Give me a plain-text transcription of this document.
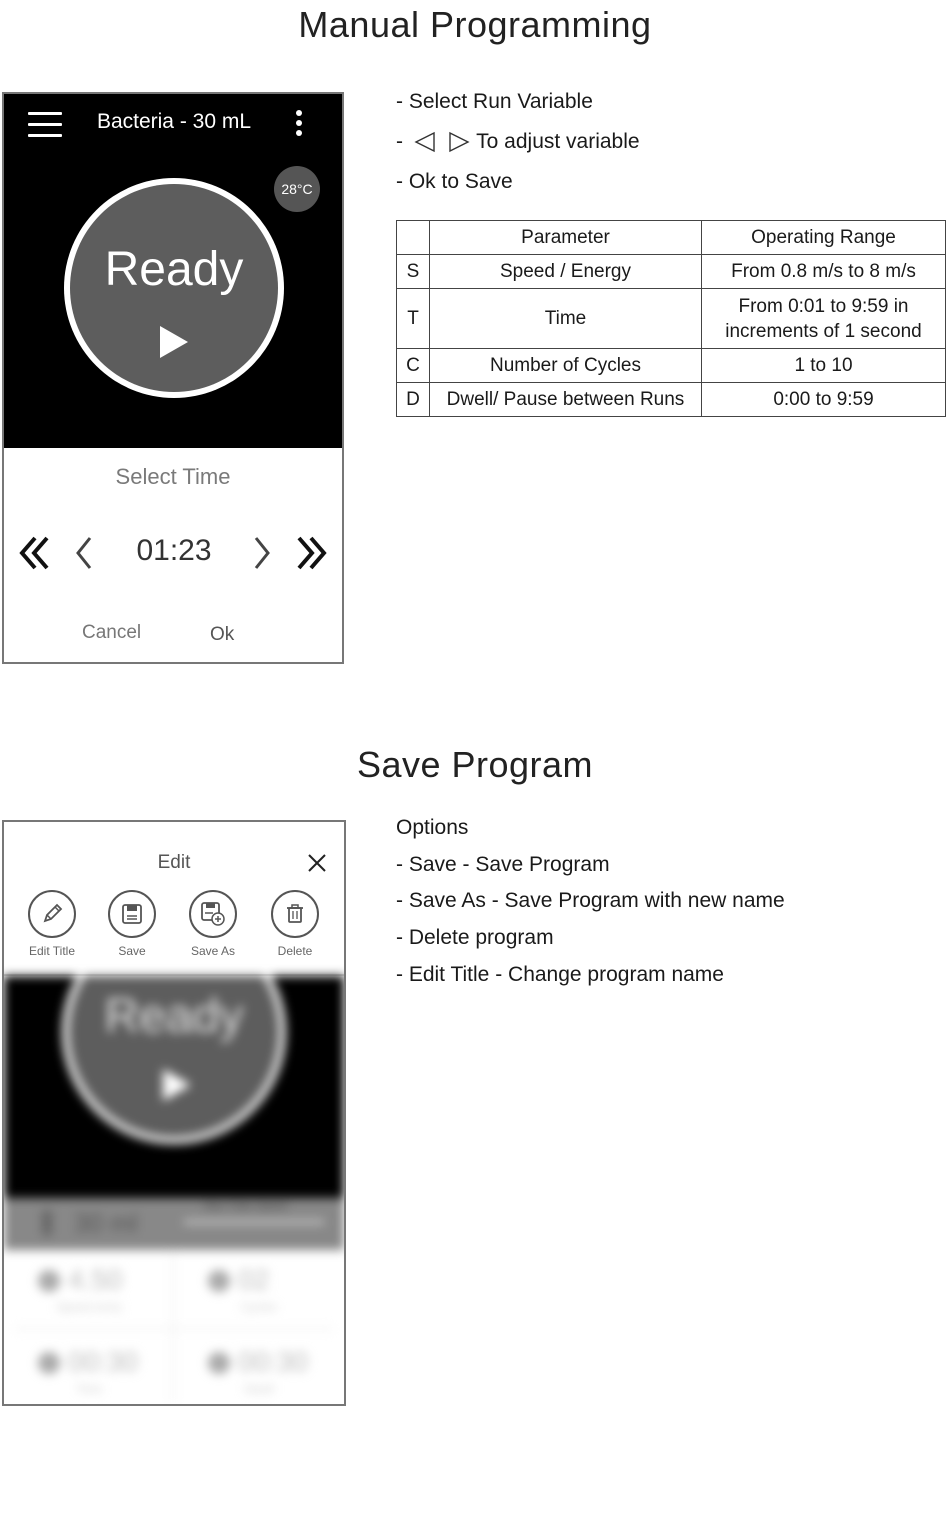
Manual Programming
Bacteria - 30 mL
28°C
Ready
Select Time
01:23
Cancel	Ok
- Select Run Variable
-	To adjust variable
- Ok to Save
	Parameter	Operating Range
S	Speed / Energy	From 0.8 m/s to 8 m/s
T	Time	From 0:01 to 9:59 in
increments of 1 second

C	Number of Cycles	1 to 10
D	Dwell/ Pause between Runs	0:00 to 9:59
Save Program
Edit
Edit Title	Save	Save As	Delete
Ready
30 ml
Max Tube Speed
4.50
Speed (m/s)
02
Cycles
00:30
Time
00:30
Dwell
Options
- Save - Save Program
- Save As - Save Program with new name
- Delete program
- Edit Title - Change program name
